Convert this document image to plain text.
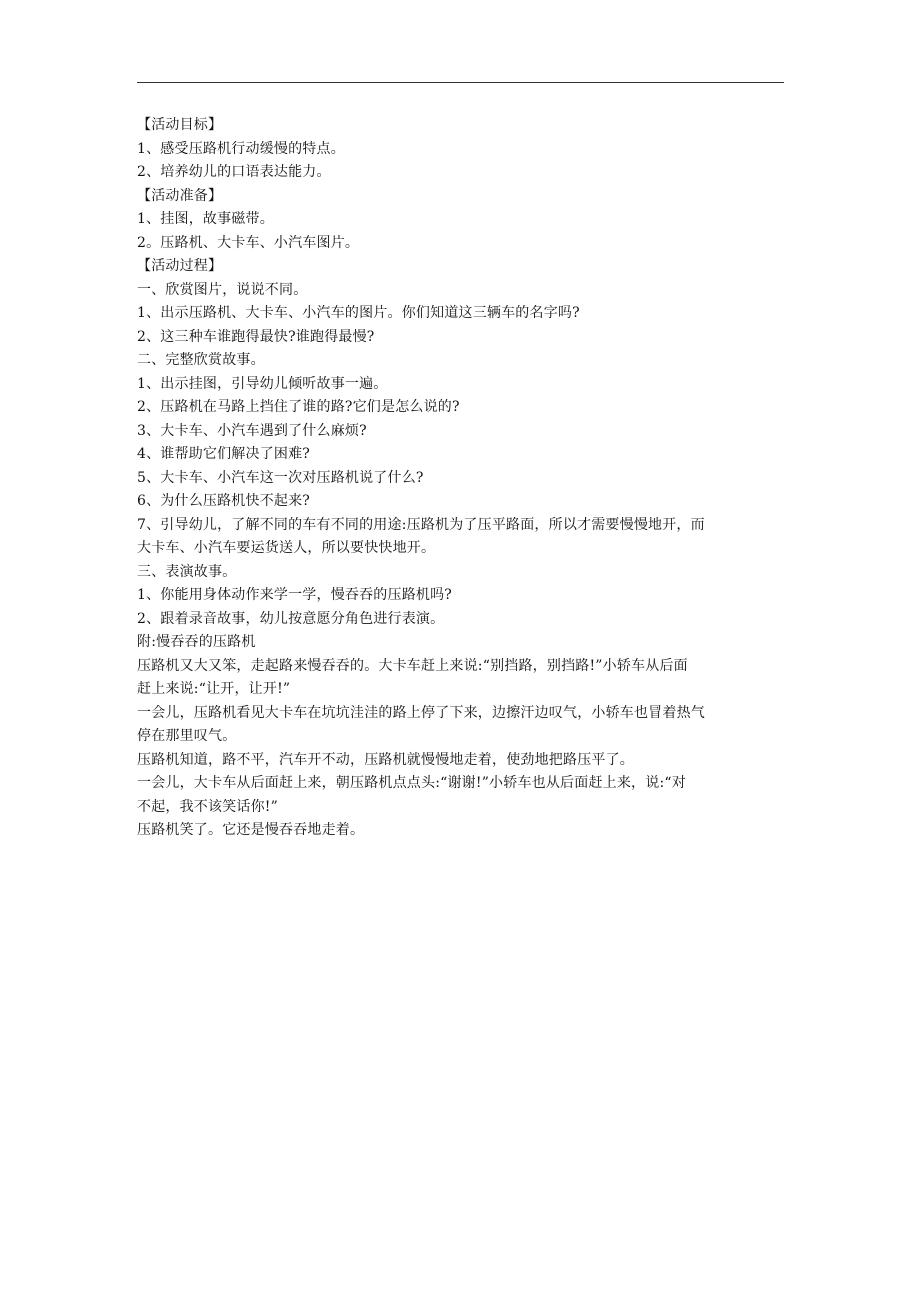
【活动目标】
1、感受压路机行动缓慢的特点。
2、培养幼儿的口语表达能力。
【活动准备】
1、挂图，故事磁带。
2。压路机、大卡车、小汽车图片。
【活动过程】
一、欣赏图片，说说不同。
1、出示压路机、大卡车、小汽车的图片。你们知道这三辆车的名字吗?
2、这三种车谁跑得最快?谁跑得最慢?
二、完整欣赏故事。
1、出示挂图，引导幼儿倾听故事一遍。
2、压路机在马路上挡住了谁的路?它们是怎么说的?
3、大卡车、小汽车遇到了什么麻烦?
4、谁帮助它们解决了困难?
5、大卡车、小汽车这一次对压路机说了什么?
6、为什么压路机快不起来?
7、引导幼儿，了解不同的车有不同的用途:压路机为了压平路面，所以才需要慢慢地开，而
大卡车、小汽车要运货送人，所以要快快地开。
三、表演故事。
1、你能用身体动作来学一学，慢吞吞的压路机吗?
2、跟着录音故事，幼儿按意愿分角色进行表演。
附:慢吞吞的压路机
压路机又大又笨，走起路来慢吞吞的。大卡车赶上来说:“别挡路，别挡路!”小轿车从后面
赶上来说:“让开，让开!”
一会儿，压路机看见大卡车在坑坑洼洼的路上停了下来，边擦汗边叹气，小轿车也冒着热气
停在那里叹气。
压路机知道，路不平，汽车开不动，压路机就慢慢地走着，使劲地把路压平了。
一会儿，大卡车从后面赶上来，朝压路机点点头:“谢谢!”小轿车也从后面赶上来，说:“对
不起，我不该笑话你!”
压路机笑了。它还是慢吞吞地走着。
